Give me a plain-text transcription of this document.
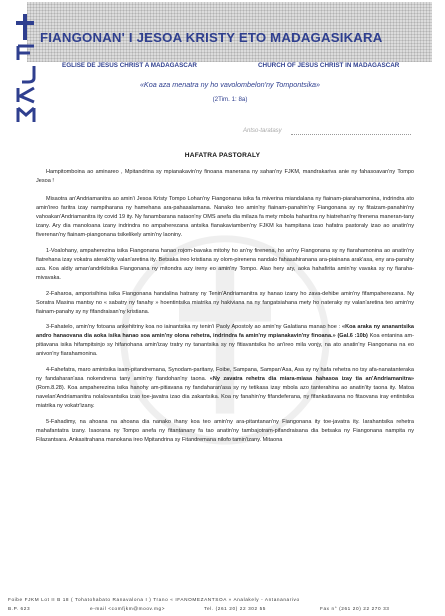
FIANGONAN' I JESOA KRISTY ETO MADAGASIKARA
EGLISE DE JESUS CHRIST A MADAGASCAR	CHURCH OF JESUS CHRIST IN MADAGASCAR
«Koa aza menatra ny ho vavolombelon'ny Tompontsika»
(2Tim. 1: 8a)
Antso-taratasy
HAFATRA PASTORALY

Hampitomboina ao aminareo , Mpitandrina sy mpianakavin'ny finoana manerana ny sahan'ny FJKM, mandrakariva anie ny fahasoavan'ny Tompo Jesoa !

Misaotra an'Andriamanitra ao amin'i Jesoa Kristy Tompo Lohan'ny Fiangonana isika fa miverina miandalana ny fiainam-piarahamonina, indrindra ato amin'ireo faritra izay nampiharana ny hamehana ara-pahasalamana. Nanako teo amin'ny fiainam-panahin'ny Fiangonana sy ny fitaizam-panahin'ny vahoakan'Andriamanitra ity covid 19 ity. Ny fanambarana nataon'ny OMS anefa dia milaza fa mety mbola haharitra ny hiatrehan'ny firenena maneran-tany izany. Ary dia manoloana izany indrindra no ampaherezana antsika fianakaviamben'ny FJKM ka hampitana izao hafatra pastoraly izao ao anatin'ny fiverenan'ny fiainam-piangonana tsikelikely amin'ny laoniny.

1-Voalohany, ampaherezina isika Fiangonana hanao rojom-bavaka mitohy ho an'ny firenena, ho an'ny Fiangonana sy ny fiarahamonina ao anatin'ny fiatrehana izay vokatra aterak'ity valan'aretina ity. Betsaka ireo kristiana sy olom-pirenena nandalo fahasahiranana ara-piainana arak'asa, eny ara-panahy aza. Koa aldiy aman'andrikitsika Fiangonana ny mitondra azy ireny eo amin'ny Tompo. Alao hery ary, aoka hahafirita amin'ny vavaka sy ny fiaraha-mivavaka.

2-Faharoa, amporisihina isika Fiangonana handalina hatrany ny Tenin'Andriamanitra sy hanao izany ho zava-dehibe amin'ny fifampaherezana. Ny Soratra Masina mantsy no « sabatry ny fanahy » hoentintsika miatrika ny hakiviana na ny fangatsiahana mety ho nateraky ny valan'aretina teo amin'ny fiainam-panahy sy ny fifandraisan'ny kristiana.

3-Fahatelo, amin'ny fotoana ankehitriny koa no iainantsika ny tenin'i Paoly Apostoly ao amin'ny Galatiana manao hoe : «Koa araka ny ananantsika andro hanaovana dia aoka isika hanao soa amin'ny olona rehetra, indrindra fa amin'ny mpianakavin'ny finoana.» (Gal.6 :10b) Koa entanina am-pitiavana isika hifampitsinjo sy hifanohana amin'izay tratry ny tanantsika sy ny fitiavantsika ho an'ireo mila vonjy, na ato anatin'ny Fiangonana na eo anivon'ny fiarahamonina.

4-Fahefatra, maro amintsika isam-pitandremana, Synodam-paritany, Foibe, Sampana, Sampan'Asa, Asa sy ny hafa rehetra no tsy afa-nanatanteraka ny fandaharan'asa nokendrena tany amin'ny fiandohan'ny taona. «Ny zavatra rehetra dia miara-miasa hahasoa izay tia an'Andriamanitra» (Rom.8.28). Koa ampaherezina isika hanohy am-pitiavana ny fandaharan'asa sy ny tetikasa izay mbola azo tanterahina ao anatin'ity taona ity. Matoa navelan'Andriamanitra nolalovantsika izao toe-javatra izao dia zakantsika. Koa ny fanahin'ny fifandeferana, ny fifankatiavana no fitaovana iray entintsika miatrika ny vokatr'izany.

5-Fahadimy, na ahoana na ahoana dia nanako ihany koa teo amin'ny ara-pitantanan'ny Fiangonana ity toe-javatra ity. Iarahantsika rehetra mahafantatra izany. Isaorana ny Tompo anefa ny fitantanany fa tao anatin'ny tambajotram-pifandraisana dia betsaka ny Fiangonana nampita ny Filazantsara. Ankasitrahana manokana ireo Mpitandrina sy Fitandremana nilofo tamin'izany. Mitaona

Foibe FJKM Lot II B 18 ( Tohatohabato Ranavalona I ) Trano « IFANOMEZANTSOA » Analakely - Antananarivo
B.P. 623	e-mail <comfjkm@moov.mg>	Tel. (261 20) 22 302 55	Fax n° (261 20) 22 270 33
